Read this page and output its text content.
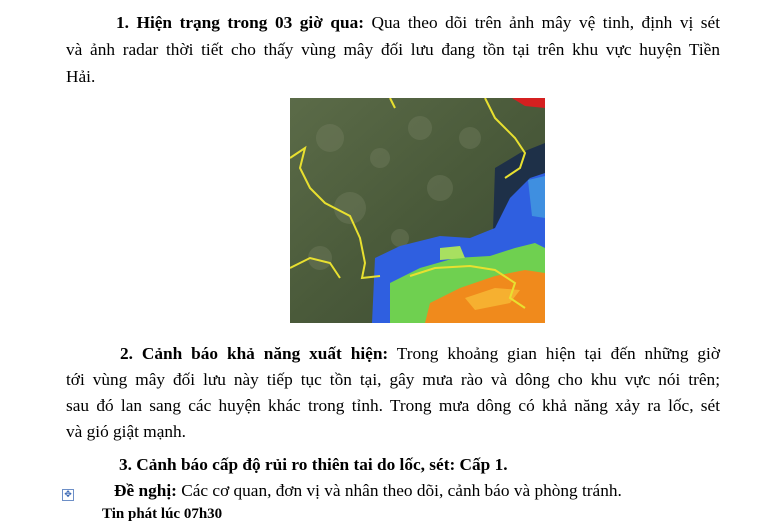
1. Hiện trạng trong 03 giờ qua: Qua theo dõi trên ảnh mây vệ tinh, định vị sét
và ảnh radar thời tiết cho thấy vùng mây đối lưu đang tồn tại trên khu vực huyện Tiền
Hải.
2. Cảnh báo khả năng xuất hiện: Trong khoảng gian hiện tại đến những giờ
tới vùng mây đối lưu này tiếp tục tồn tại, gây mưa rào và dông cho khu vực nói trên;
sau đó lan sang các huyện khác trong tỉnh. Trong mưa dông có khả năng xảy ra lốc, sét
và gió giật mạnh.
3. Cảnh báo cấp độ rủi ro thiên tai do lốc, sét: Cấp 1.
✥	Đề nghị: Các cơ quan, đơn vị và nhân theo dõi, cảnh báo và phòng tránh.
Tin phát lúc 07h30
